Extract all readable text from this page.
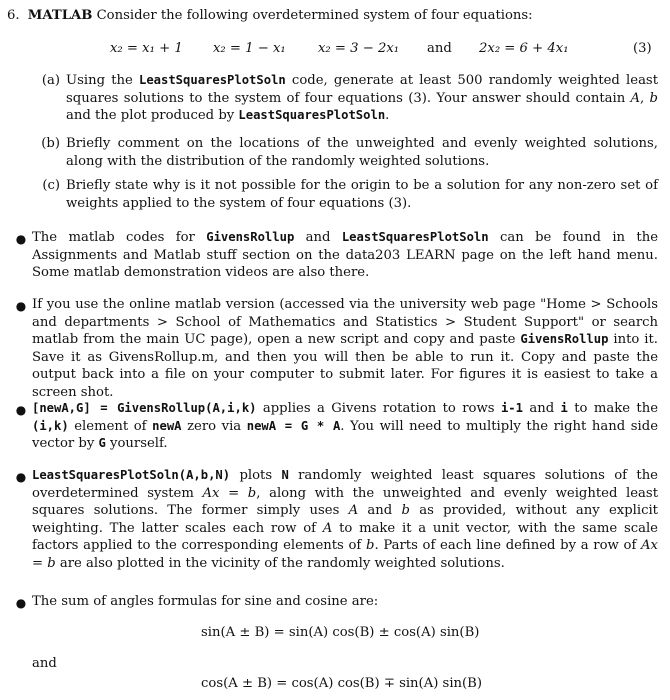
6. MATLAB Consider the following overdetermined system of four equations:
x₂ = x₁ + 1 x₂ = 1 − x₁ x₂ = 3 − 2x₁ and 2x₂ = 6 + 4x₁	(3)
(a) Using the LeastSquaresPlotSoln code, generate at least 500 randomly weighted least squares solutions to the system of four equations (3). Your answer should contain A, b and the plot produced by LeastSquaresPlotSoln.
(b) Briefly comment on the locations of the unweighted and evenly weighted solutions, along with the distribution of the randomly weighted solutions.
(c) Briefly state why is it not possible for the origin to be a solution for any non-zero set of weights applied to the system of four equations (3).
● The matlab codes for GivensRollup and LeastSquaresPlotSoln can be found in the Assignments and Matlab stuff section on the data203 LEARN page on the left hand menu. Some matlab demonstration videos are also there.
● If you use the online matlab version (accessed via the university web page "Home > Schools and departments > School of Mathematics and Statistics > Student Support" or search matlab from the main UC page), open a new script and copy and paste GivensRollup into it. Save it as GivensRollup.m, and then you will then be able to run it. Copy and paste the output back into a file on your computer to submit later. For figures it is easiest to take a screen shot.
● [newA,G] = GivensRollup(A,i,k) applies a Givens rotation to rows i-1 and i to make the (i,k) element of newA zero via newA = G * A. You will need to multiply the right hand side vector by G yourself.
● LeastSquaresPlotSoln(A,b,N) plots N randomly weighted least squares solutions of the overdetermined system Ax = b, along with the unweighted and evenly weighted least squares solutions. The former simply uses A and b as provided, without any explicit weighting. The latter scales each row of A to make it a unit vector, with the same scale factors applied to the corresponding elements of b. Parts of each line defined by a row of Ax = b are also plotted in the vicinity of the randomly weighted solutions.
● The sum of angles formulas for sine and cosine are:
sin(A ± B) = sin(A) cos(B) ± cos(A) sin(B)
and
cos(A ± B) = cos(A) cos(B) ∓ sin(A) sin(B)
